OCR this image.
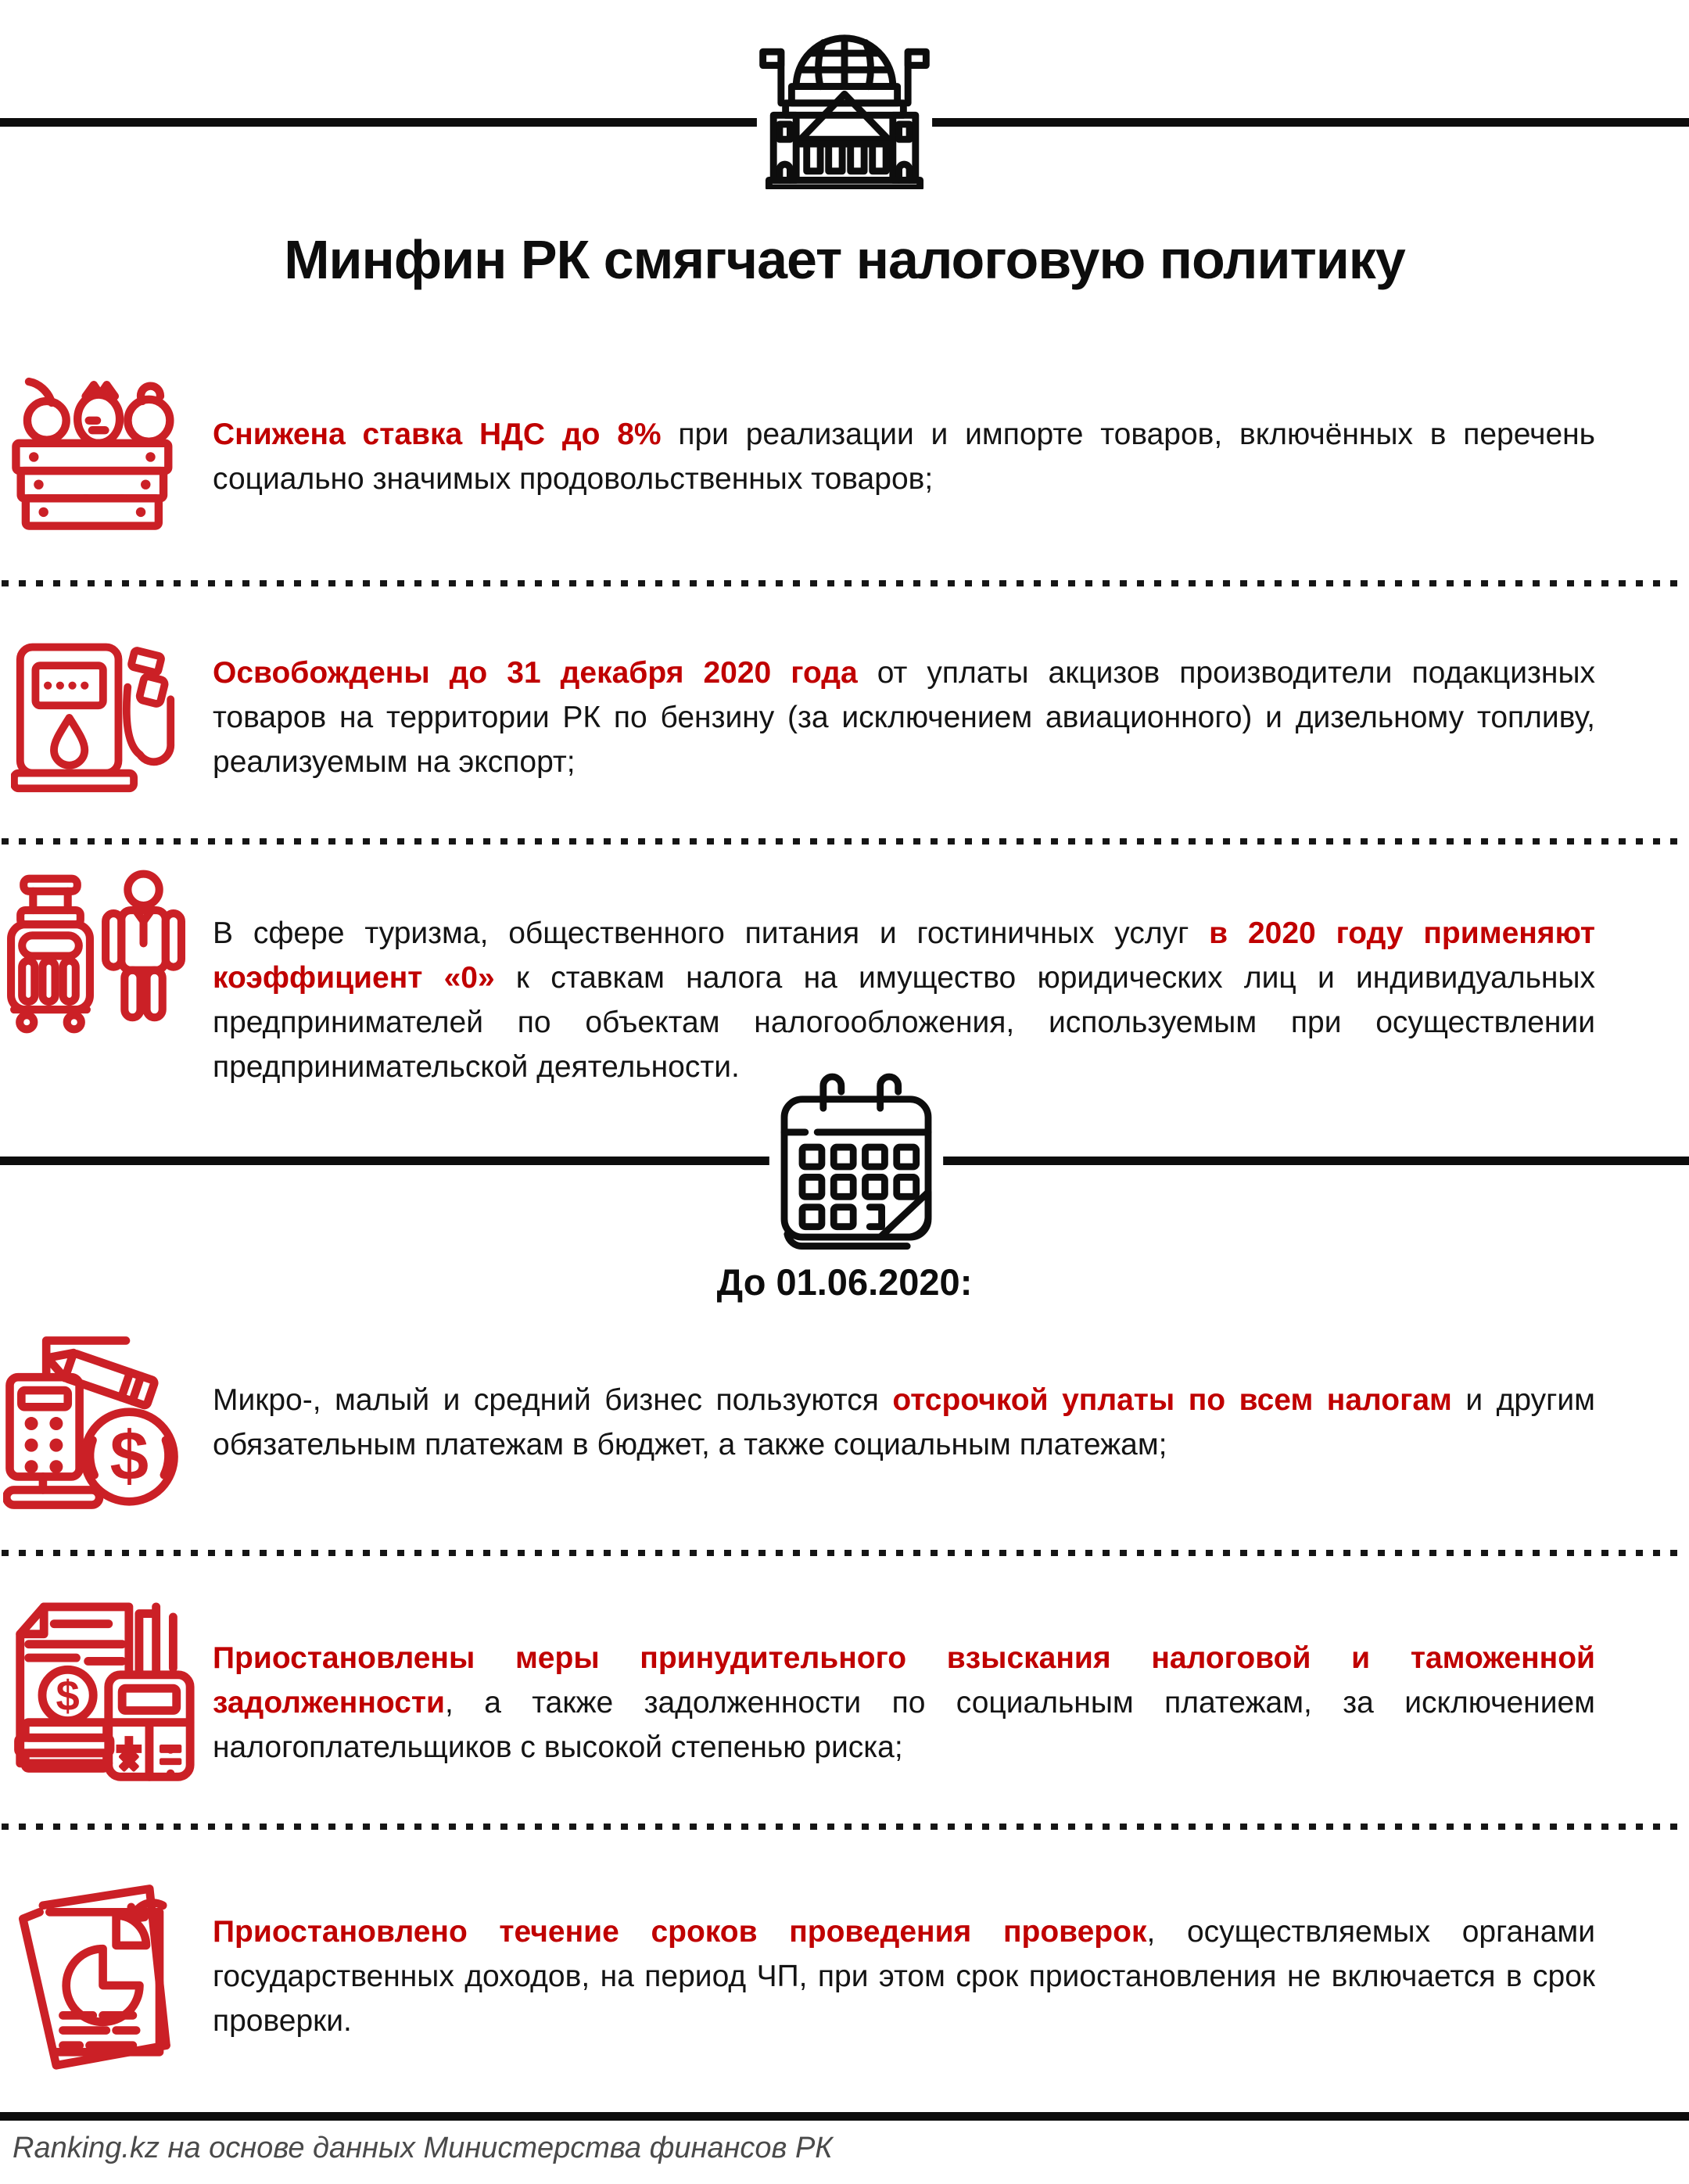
Минфин РК смягчает налоговую политику

Снижена ставка НДС до 8% при реализации и импорте товаров, включённых в перечень социально значимых продовольственных товаров;

Освобождены до 31 декабря 2020 года от уплаты акцизов производители подакцизных товаров на территории РК по бензину (за исключением авиационного) и дизельному топливу, реализуемым на экспорт;

В сфере туризма, общественного питания и гостиничных услуг в 2020 году применяют коэффициент «0» к ставкам налога на имущество юридических лиц и индивидуальных предпринимателей по объектам налогообложения, используемым при осуществлении предпринимательской деятельности.

До 01.06.2020:
$

Микро-, малый и средний бизнес пользуются отсрочкой уплаты по всем налогам и другим обязательным платежам в бюджет, а также социальным платежам;

$

Приостановлены меры принудительного взыскания налоговой и таможенной задолженности, а также задолженности по социальным платежам, за исключением налогоплательщиков с высокой степенью риска;

Приостановлено течение сроков проведения проверок, осуществляемых органами государственных доходов, на период ЧП, при этом срок приостановления не включается в срок проверки.

Ranking.kz на основе данных Министерства финансов РК
